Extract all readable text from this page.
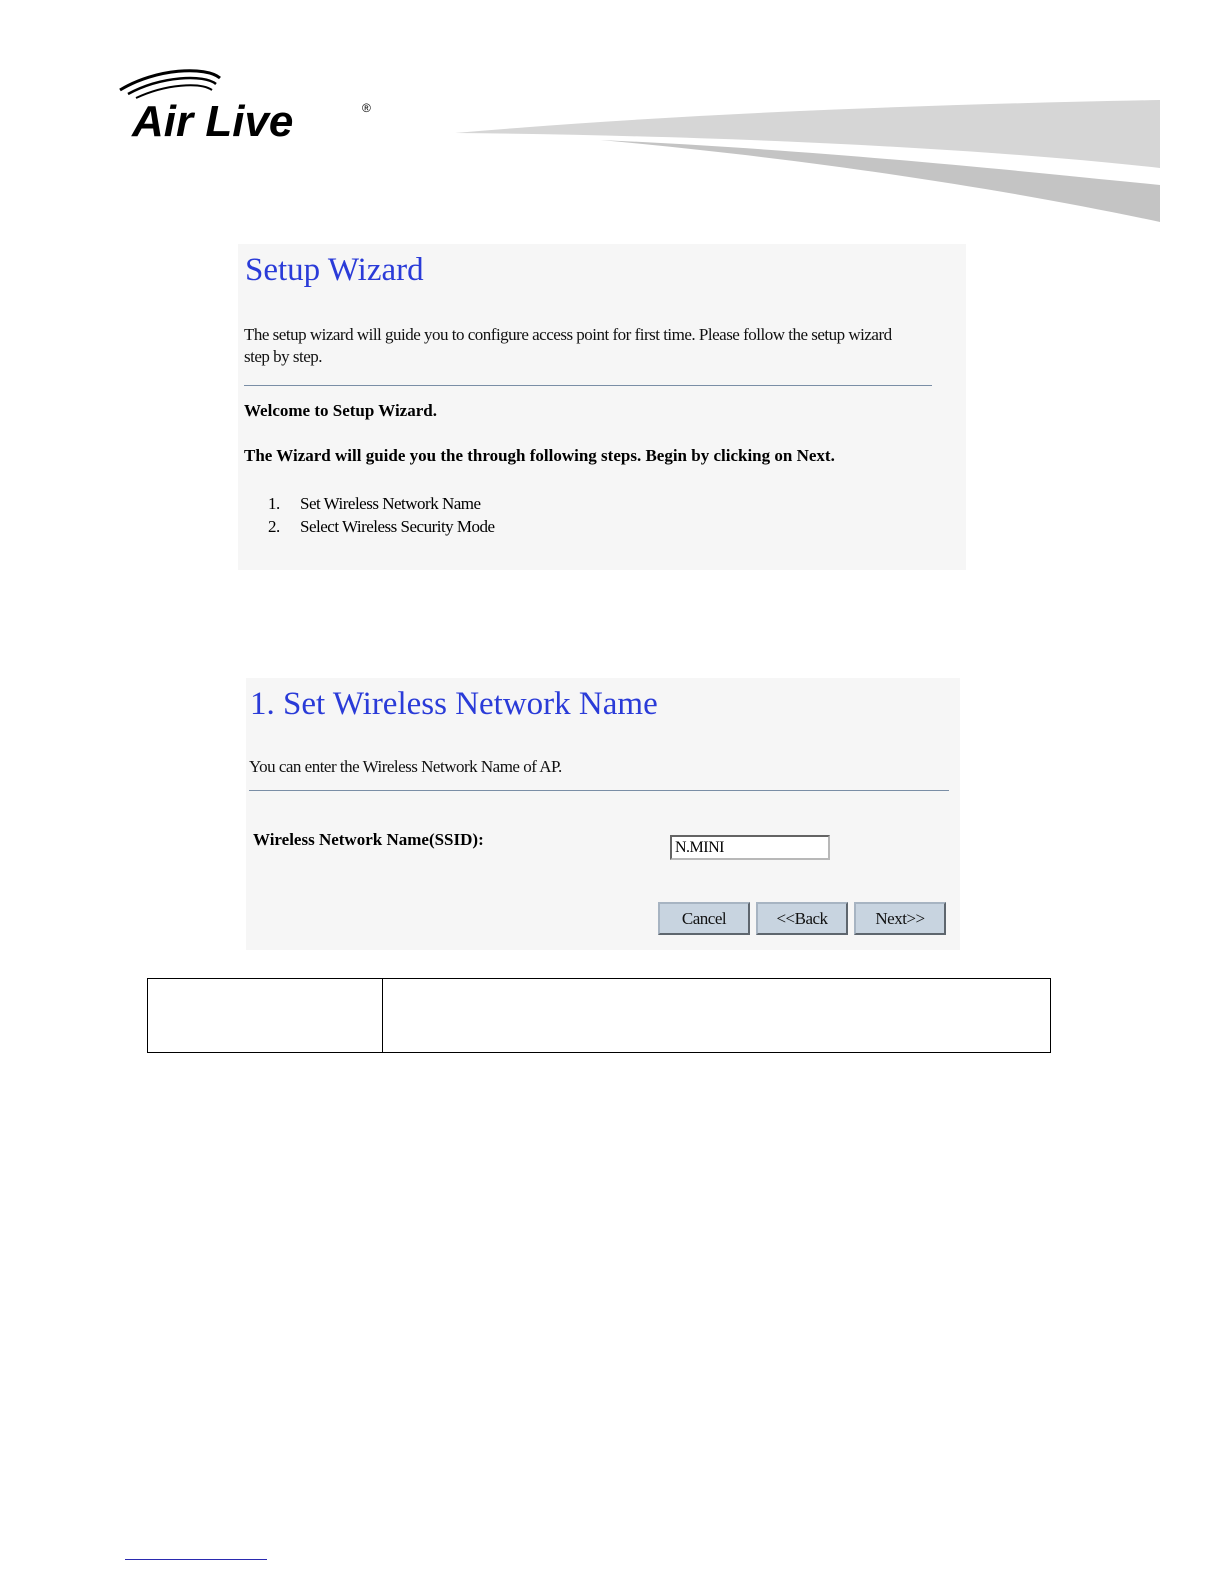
Air Live	®
Setup Wizard

The setup wizard will guide you to configure access point for first time. Please follow the setup wizard

step by step.

Welcome to Setup Wizard.

The Wizard will guide you the through following steps. Begin by clicking on Next.

1.	Set Wireless Network Name
2.	Select Wireless Security Mode
1. Set Wireless Network Name

You can enter the Wireless Network Name of AP.

Wireless Network Name(SSID):
N.MINI
Cancel	<<Back	Next>>
